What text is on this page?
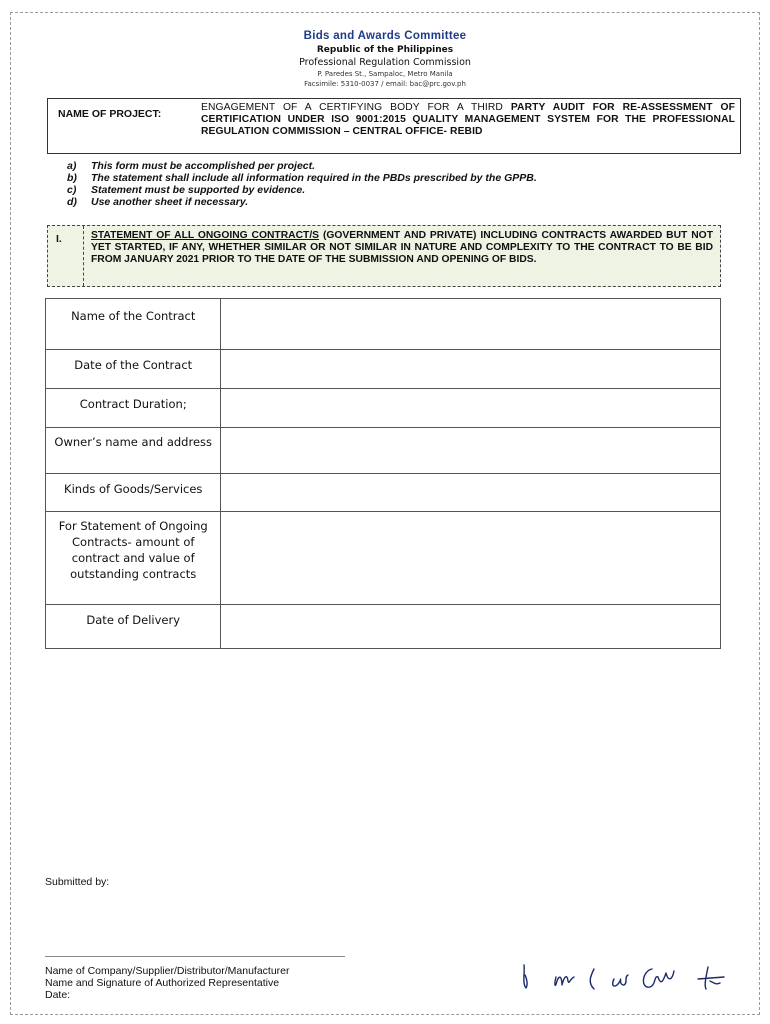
Bids and Awards Committee
Republic of the Philippines
Professional Regulation Commission
P. Paredes St., Sampaloc, Metro Manila
Facsimile: 5310-0037 / email: bac@prc.gov.ph
NAME OF PROJECT:
ENGAGEMENT OF A CERTIFYING BODY FOR A THIRD PARTY AUDIT FOR RE-ASSESSMENT OF CERTIFICATION UNDER ISO 9001:2015 QUALITY MANAGEMENT SYSTEM FOR THE PROFESSIONAL REGULATION COMMISSION – CENTRAL OFFICE- REBID
a)	This form must be accomplished per project.
b)	The statement shall include all information required in the PBDs prescribed by the GPPB.
c)	Statement must be supported by evidence.
d)	Use another sheet if necessary.
I.	STATEMENT OF ALL ONGOING CONTRACT/S (GOVERNMENT AND PRIVATE) INCLUDING CONTRACTS AWARDED BUT NOT YET STARTED, IF ANY, WHETHER SIMILAR OR NOT SIMILAR IN NATURE AND COMPLEXITY TO THE CONTRACT TO BE BID FROM JANUARY 2021 PRIOR TO THE DATE OF THE SUBMISSION AND OPENING OF BIDS.
Name of the Contract	
Date of the Contract	
Contract Duration;	
Owner’s name and address	
Kinds of Goods/Services	
For Statement of Ongoing Contracts- amount of contract and value of outstanding contracts	
Date of Delivery	
Submitted by:
Name of Company/Supplier/Distributor/Manufacturer
Name and Signature of Authorized Representative
Date:
